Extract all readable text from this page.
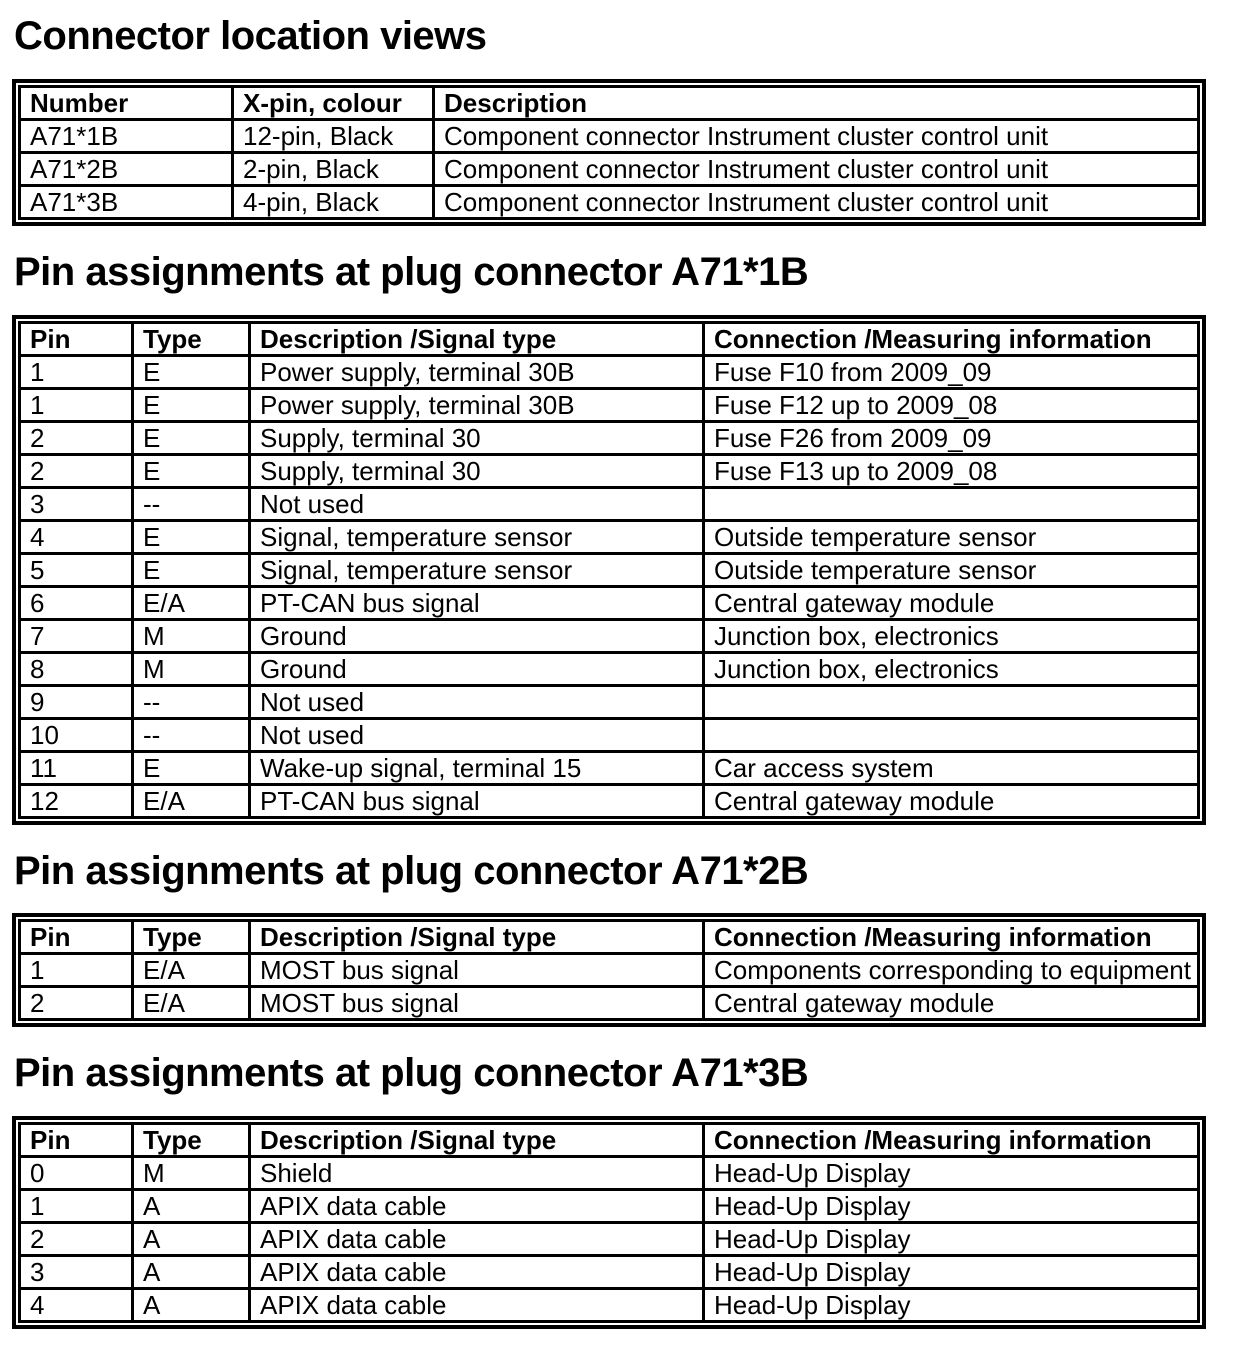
Connector location views
Number	X-pin, colour	Description
A71*1B	12-pin, Black	Component connector Instrument cluster control unit
A71*2B	2-pin, Black	Component connector Instrument cluster control unit
A71*3B	4-pin, Black	Component connector Instrument cluster control unit
Pin assignments at plug connector A71*1B
Pin	Type	Description /Signal type	Connection /Measuring information
1	E	Power supply, terminal 30B	Fuse F10 from 2009_09
1	E	Power supply, terminal 30B	Fuse F12 up to 2009_08
2	E	Supply, terminal 30	Fuse F26 from 2009_09
2	E	Supply, terminal 30	Fuse F13 up to 2009_08
3	--	Not used	
4	E	Signal, temperature sensor	Outside temperature sensor
5	E	Signal, temperature sensor	Outside temperature sensor
6	E/A	PT-CAN bus signal	Central gateway module
7	M	Ground	Junction box, electronics
8	M	Ground	Junction box, electronics
9	--	Not used	
10	--	Not used	
11	E	Wake-up signal, terminal 15	Car access system
12	E/A	PT-CAN bus signal	Central gateway module
Pin assignments at plug connector A71*2B
Pin	Type	Description /Signal type	Connection /Measuring information
1	E/A	MOST bus signal	Components corresponding to equipment
2	E/A	MOST bus signal	Central gateway module
Pin assignments at plug connector A71*3B
Pin	Type	Description /Signal type	Connection /Measuring information
0	M	Shield	Head-Up Display
1	A	APIX data cable	Head-Up Display
2	A	APIX data cable	Head-Up Display
3	A	APIX data cable	Head-Up Display
4	A	APIX data cable	Head-Up Display
